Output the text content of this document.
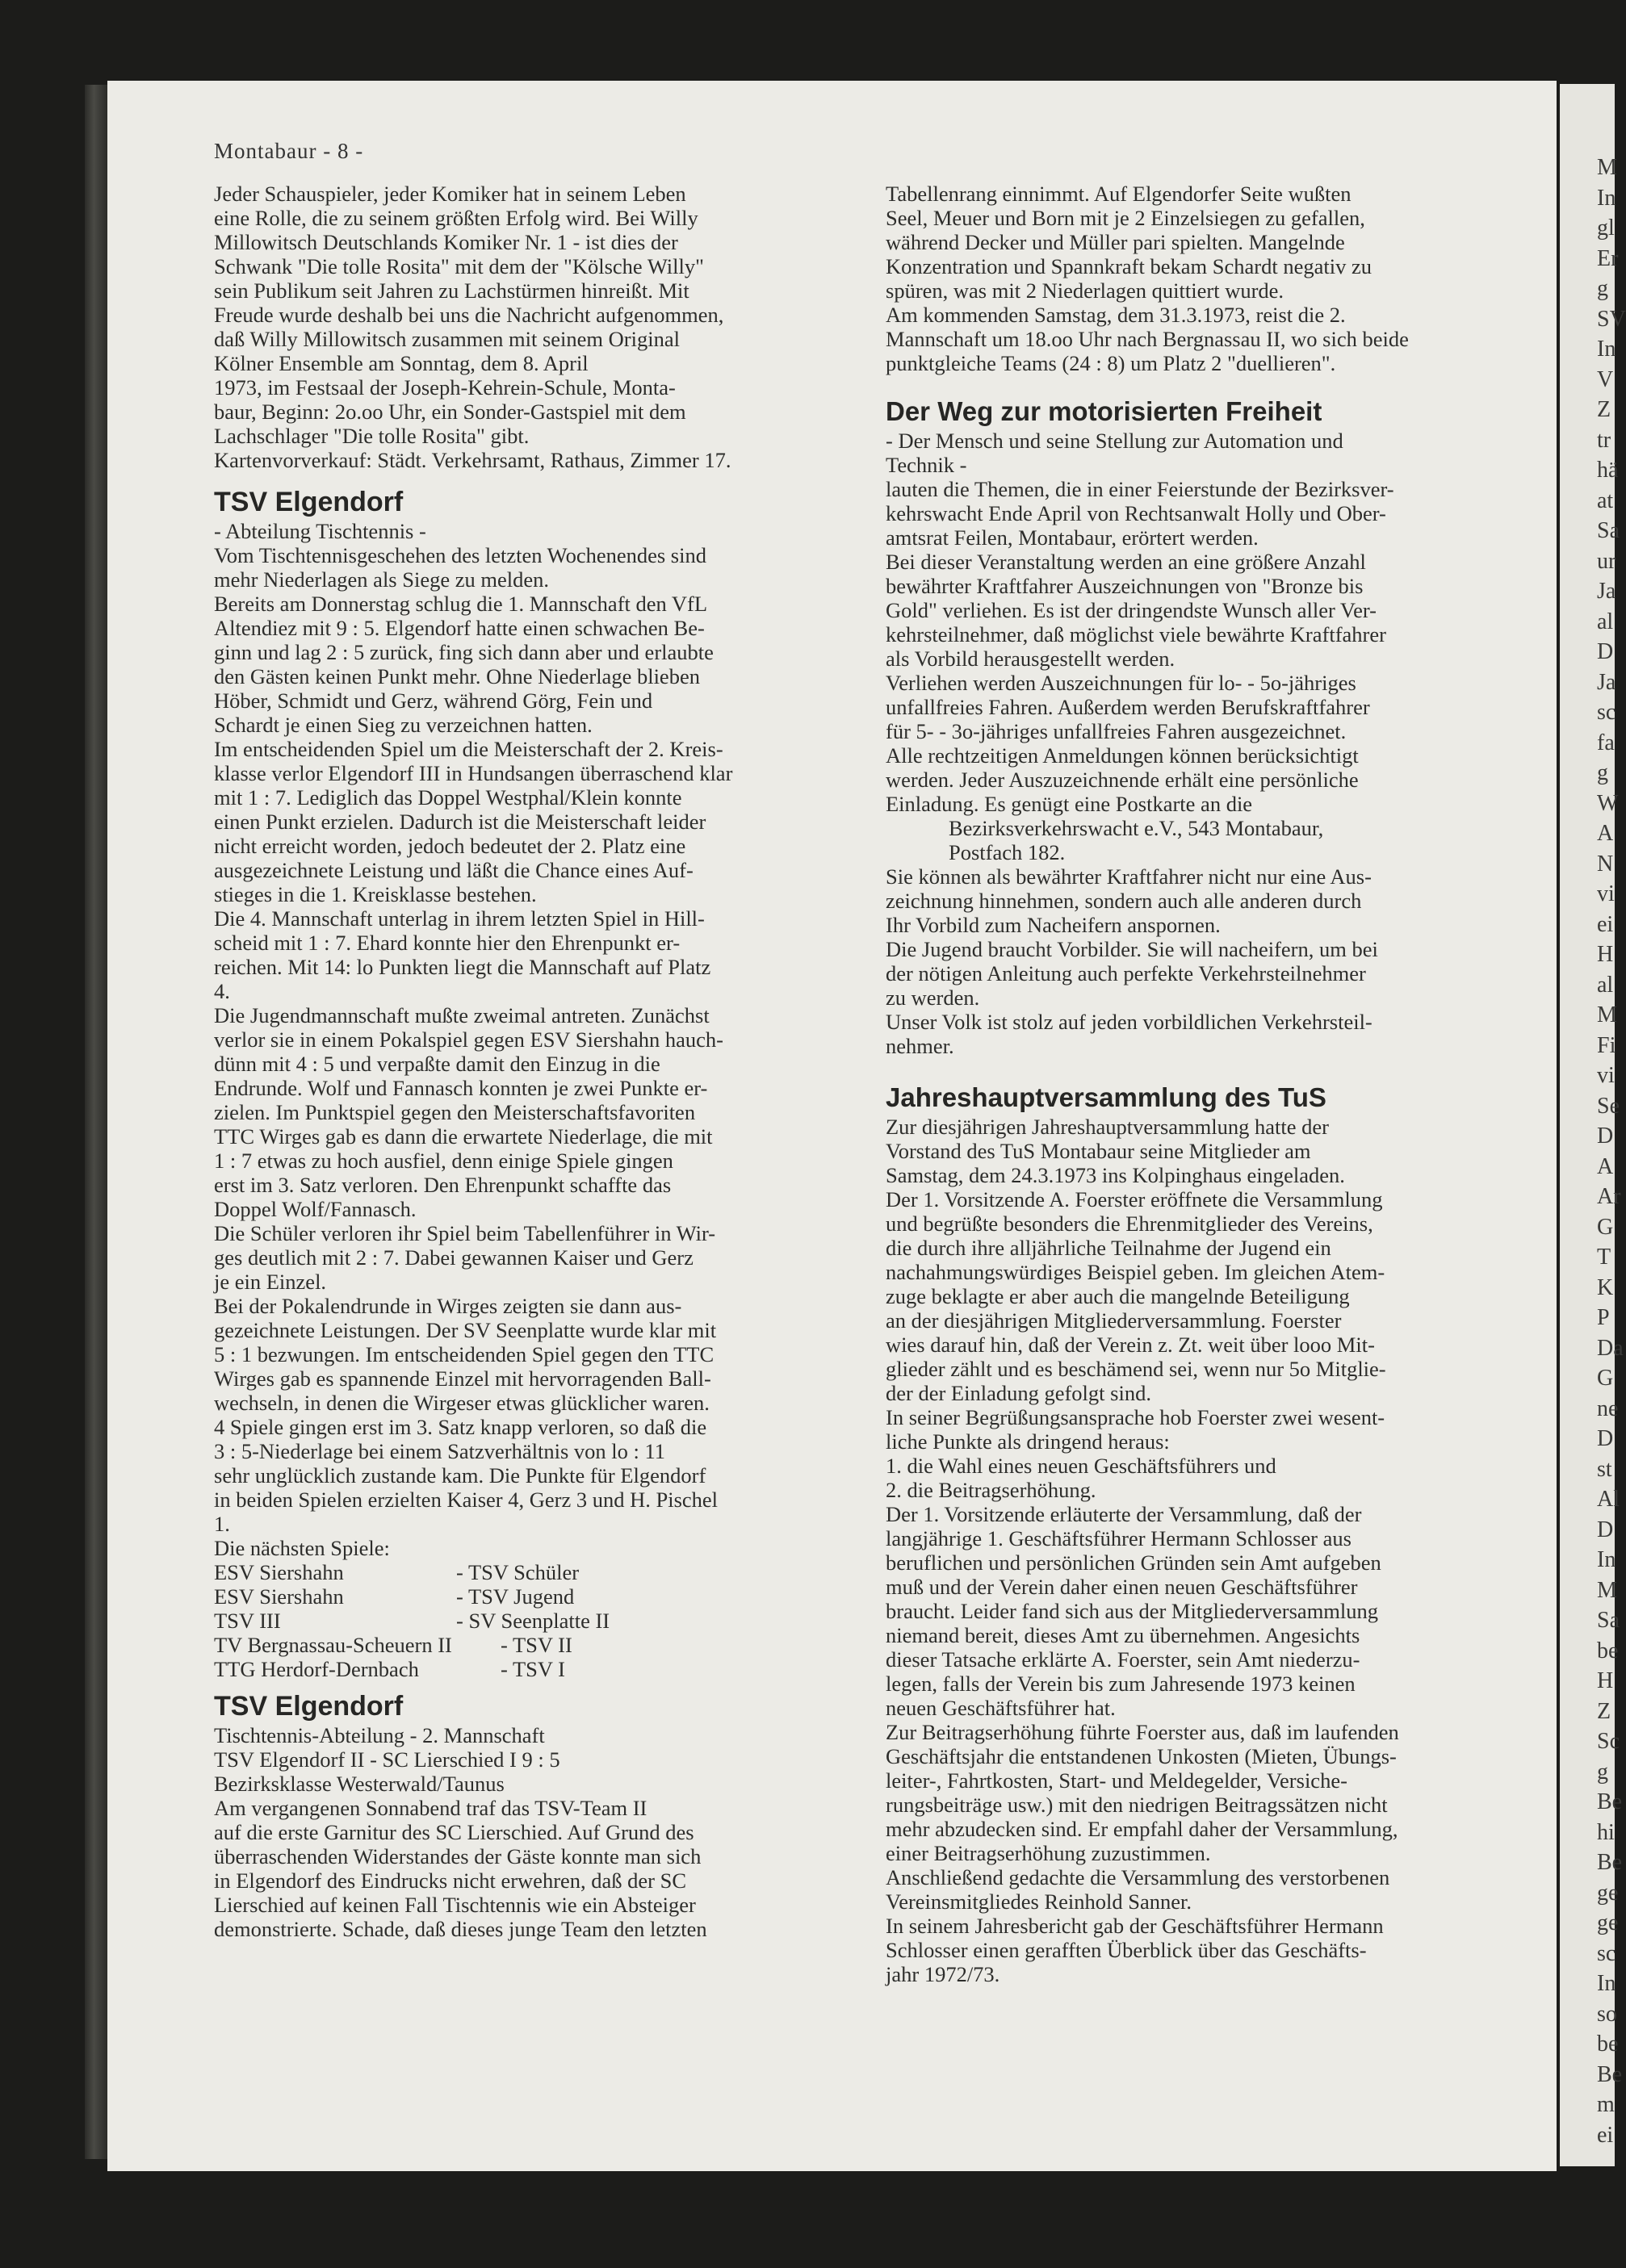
M
In
gl
Er
g
SV
In
V
Z
tr
hä
at
Sa
ur
Ja
al
D
Ja
sc
fa
g
W
A
N
vi
ei
H
al
M
Fi
vi
Se
D
A
Ar
G
T
K
P
Da
G
ne
D
st
Al
D
In
M
Sa
be
H
Z
Sc
g
Be
hi
Be
ge
ge
sc
In
so
be
Be
m
ei
Montabaur - 8 -
Jeder Schauspieler, jeder Komiker hat in seinem Leben
eine Rolle, die zu seinem größten Erfolg wird. Bei Willy
Millowitsch Deutschlands Komiker Nr. 1 - ist dies der
Schwank "Die tolle Rosita" mit dem der "Kölsche Willy"
sein Publikum seit Jahren zu Lachstürmen hinreißt. Mit
Freude wurde deshalb bei uns die Nachricht aufgenommen,
daß Willy Millowitsch zusammen mit seinem Original
Kölner Ensemble am Sonntag, dem 8. April
1973, im Festsaal der Joseph-Kehrein-Schule, Monta-
baur, Beginn: 2o.oo Uhr, ein Sonder-Gastspiel mit dem
Lachschlager "Die tolle Rosita" gibt.
Kartenvorverkauf: Städt. Verkehrsamt, Rathaus, Zimmer 17.
TSV Elgendorf
- Abteilung Tischtennis -
Vom Tischtennisgeschehen des letzten Wochenendes sind
mehr Niederlagen als Siege zu melden.
Bereits am Donnerstag schlug die 1. Mannschaft den VfL
Altendiez mit 9 : 5. Elgendorf hatte einen schwachen Be-
ginn und lag 2 : 5 zurück, fing sich dann aber und erlaubte
den Gästen keinen Punkt mehr. Ohne Niederlage blieben
Höber, Schmidt und Gerz, während Görg, Fein und
Schardt je einen Sieg zu verzeichnen hatten.
Im entscheidenden Spiel um die Meisterschaft der 2. Kreis-
klasse verlor Elgendorf III in Hundsangen überraschend klar
mit 1 : 7. Lediglich das Doppel Westphal/Klein konnte
einen Punkt erzielen. Dadurch ist die Meisterschaft leider
nicht erreicht worden, jedoch bedeutet der 2. Platz eine
ausgezeichnete Leistung und läßt die Chance eines Auf-
stieges in die 1. Kreisklasse bestehen.
Die 4. Mannschaft unterlag in ihrem letzten Spiel in Hill-
scheid mit 1 : 7. Ehard konnte hier den Ehrenpunkt er-
reichen. Mit 14: lo Punkten liegt die Mannschaft auf Platz
4.
Die Jugendmannschaft mußte zweimal antreten. Zunächst
verlor sie in einem Pokalspiel gegen ESV Siershahn hauch-
dünn mit 4 : 5 und verpaßte damit den Einzug in die
Endrunde. Wolf und Fannasch konnten je zwei Punkte er-
zielen. Im Punktspiel gegen den Meisterschaftsfavoriten
TTC Wirges gab es dann die erwartete Niederlage, die mit
1 : 7 etwas zu hoch ausfiel, denn einige Spiele gingen
erst im 3. Satz verloren. Den Ehrenpunkt schaffte das
Doppel Wolf/Fannasch.
Die Schüler verloren ihr Spiel beim Tabellenführer in Wir-
ges deutlich mit 2 : 7. Dabei gewannen Kaiser und Gerz
je ein Einzel.
Bei der Pokalendrunde in Wirges zeigten sie dann aus-
gezeichnete Leistungen. Der SV Seenplatte wurde klar mit
5 : 1 bezwungen. Im entscheidenden Spiel gegen den TTC
Wirges gab es spannende Einzel mit hervorragenden Ball-
wechseln, in denen die Wirgeser etwas glücklicher waren.
4 Spiele gingen erst im 3. Satz knapp verloren, so daß die
3 : 5-Niederlage bei einem Satzverhältnis von lo : 11
sehr unglücklich zustande kam. Die Punkte für Elgendorf
in beiden Spielen erzielten Kaiser 4, Gerz 3 und H. Pischel
1.
Die nächsten Spiele:
ESV Siershahn	- TSV Schüler
ESV Siershahn	- TSV Jugend
TSV III	- SV Seenplatte II
TV Bergnassau-Scheuern II	- TSV II
TTG Herdorf-Dernbach	- TSV I
TSV Elgendorf
Tischtennis-Abteilung - 2. Mannschaft
TSV Elgendorf II - SC Lierschied I 9 : 5
Bezirksklasse Westerwald/Taunus
Am vergangenen Sonnabend traf das TSV-Team II
auf die erste Garnitur des SC Lierschied. Auf Grund des
überraschenden Widerstandes der Gäste konnte man sich
in Elgendorf des Eindrucks nicht erwehren, daß der SC
Lierschied auf keinen Fall Tischtennis wie ein Absteiger
demonstrierte. Schade, daß dieses junge Team den letzten
Tabellenrang einnimmt. Auf Elgendorfer Seite wußten
Seel, Meuer und Born mit je 2 Einzelsiegen zu gefallen,
während Decker und Müller pari spielten. Mangelnde
Konzentration und Spannkraft bekam Schardt negativ zu
spüren, was mit 2 Niederlagen quittiert wurde.
Am kommenden Samstag, dem 31.3.1973, reist die 2.
Mannschaft um 18.oo Uhr nach Bergnassau II, wo sich beide
punktgleiche Teams (24 : 8) um Platz 2 "duellieren".
Der Weg zur motorisierten Freiheit
- Der Mensch und seine Stellung zur Automation und
Technik -
lauten die Themen, die in einer Feierstunde der Bezirksver-
kehrswacht Ende April von Rechtsanwalt Holly und Ober-
amtsrat Feilen, Montabaur, erörtert werden.
Bei dieser Veranstaltung werden an eine größere Anzahl
bewährter Kraftfahrer Auszeichnungen von "Bronze bis
Gold" verliehen. Es ist der dringendste Wunsch aller Ver-
kehrsteilnehmer, daß möglichst viele bewährte Kraftfahrer
als Vorbild herausgestellt werden.
Verliehen werden Auszeichnungen für lo- - 5o-jähriges
unfallfreies Fahren. Außerdem werden Berufskraftfahrer
für 5- - 3o-jähriges unfallfreies Fahren ausgezeichnet.
Alle rechtzeitigen Anmeldungen können berücksichtigt
werden. Jeder Auszuzeichnende erhält eine persönliche
Einladung. Es genügt eine Postkarte an die
Bezirksverkehrswacht e.V., 543 Montabaur,
Postfach 182.
Sie können als bewährter Kraftfahrer nicht nur eine Aus-
zeichnung hinnehmen, sondern auch alle anderen durch
Ihr Vorbild zum Nacheifern anspornen.
Die Jugend braucht Vorbilder. Sie will nacheifern, um bei
der nötigen Anleitung auch perfekte Verkehrsteilnehmer
zu werden.
Unser Volk ist stolz auf jeden vorbildlichen Verkehrsteil-
nehmer.
Jahreshauptversammlung des TuS
Zur diesjährigen Jahreshauptversammlung hatte der
Vorstand des TuS Montabaur seine Mitglieder am
Samstag, dem 24.3.1973 ins Kolpinghaus eingeladen.
Der 1. Vorsitzende A. Foerster eröffnete die Versammlung
und begrüßte besonders die Ehrenmitglieder des Vereins,
die durch ihre alljährliche Teilnahme der Jugend ein
nachahmungswürdiges Beispiel geben. Im gleichen Atem-
zuge beklagte er aber auch die mangelnde Beteiligung
an der diesjährigen Mitgliederversammlung. Foerster
wies darauf hin, daß der Verein z. Zt. weit über looo Mit-
glieder zählt und es beschämend sei, wenn nur 5o Mitglie-
der der Einladung gefolgt sind.
In seiner Begrüßungsansprache hob Foerster zwei wesent-
liche Punkte als dringend heraus:
1. die Wahl eines neuen Geschäftsführers und
2. die Beitragserhöhung.
Der 1. Vorsitzende erläuterte der Versammlung, daß der
langjährige 1. Geschäftsführer Hermann Schlosser aus
beruflichen und persönlichen Gründen sein Amt aufgeben
muß und der Verein daher einen neuen Geschäftsführer
braucht. Leider fand sich aus der Mitgliederversammlung
niemand bereit, dieses Amt zu übernehmen. Angesichts
dieser Tatsache erklärte A. Foerster, sein Amt niederzu-
legen, falls der Verein bis zum Jahresende 1973 keinen
neuen Geschäftsführer hat.
Zur Beitragserhöhung führte Foerster aus, daß im laufenden
Geschäftsjahr die entstandenen Unkosten (Mieten, Übungs-
leiter-, Fahrtkosten, Start- und Meldegelder, Versiche-
rungsbeiträge usw.) mit den niedrigen Beitragssätzen nicht
mehr abzudecken sind. Er empfahl daher der Versammlung,
einer Beitragserhöhung zuzustimmen.
Anschließend gedachte die Versammlung des verstorbenen
Vereinsmitgliedes Reinhold Sanner.
In seinem Jahresbericht gab der Geschäftsführer Hermann
Schlosser einen gerafften Überblick über das Geschäfts-
jahr 1972/73.
